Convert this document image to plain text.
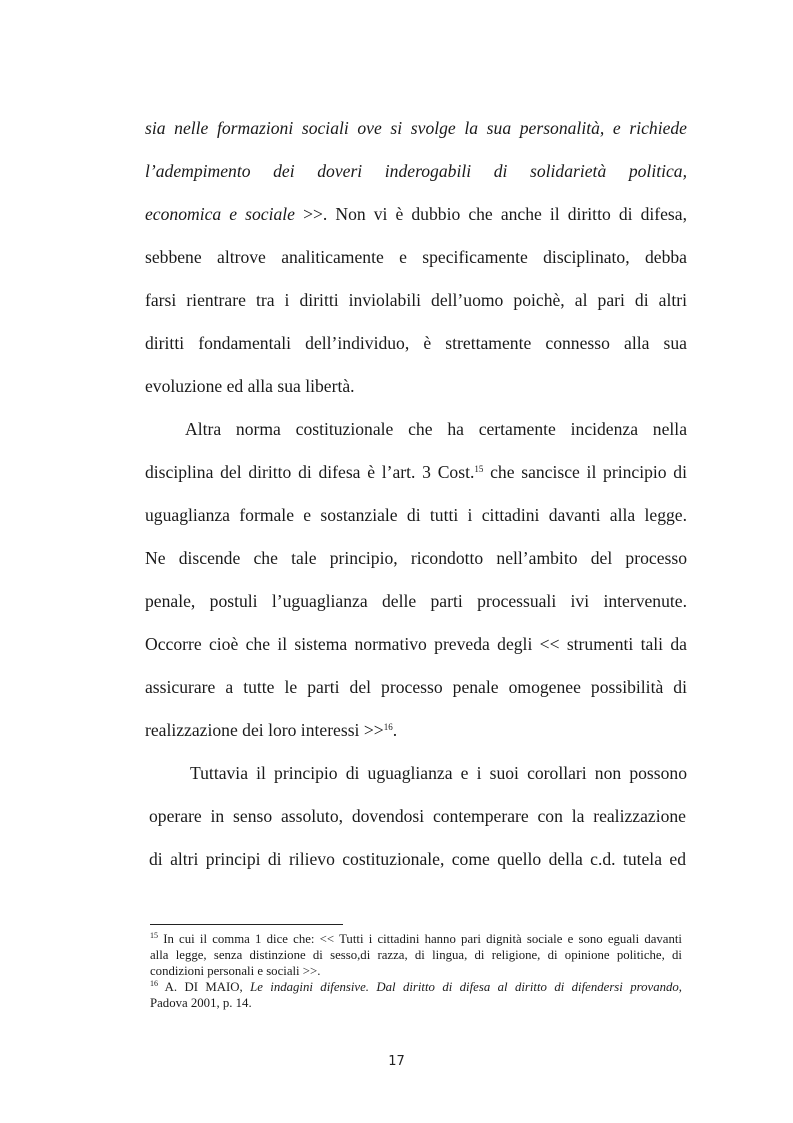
sia nelle formazioni sociali ove si svolge la sua personalità, e richiede
l’adempimento dei doveri inderogabili di solidarietà politica,
economica e sociale >>. Non vi è dubbio che anche il diritto di difesa,
sebbene altrove analiticamente e specificamente disciplinato, debba
farsi rientrare tra i diritti inviolabili dell’uomo poichè, al pari di altri
diritti fondamentali dell’individuo, è strettamente connesso alla sua
evoluzione ed alla sua libertà.
Altra norma costituzionale che ha certamente incidenza nella
disciplina del diritto di difesa è l’art. 3 Cost.$^{15}$ che sancisce il principio di
uguaglianza formale e sostanziale di tutti i cittadini davanti alla legge.
Ne discende che tale principio, ricondotto nell’ambito del processo
penale, postuli l’uguaglianza delle parti processuali ivi intervenute.
Occorre cioè che il sistema normativo preveda degli << strumenti tali da
assicurare a tutte le parti del processo penale omogenee possibilità di
realizzazione dei loro interessi >>$^{16}$.
Tuttavia il principio di uguaglianza e i suoi corollari non possono
operare in senso assoluto, dovendosi contemperare con la realizzazione
di altri principi di rilievo costituzionale, come quello della c.d. tutela ed
$^{15}$ In cui il comma 1 dice che: << Tutti i cittadini hanno pari dignità sociale e sono eguali davanti
alla legge, senza distinzione di sesso,di razza, di lingua, di religione, di opinione politiche, di
condizioni personali e sociali >>.
$^{16}$ A. DI MAIO, Le indagini difensive. Dal diritto di difesa al diritto di difendersi provando,
Padova 2001, p. 14.
17
